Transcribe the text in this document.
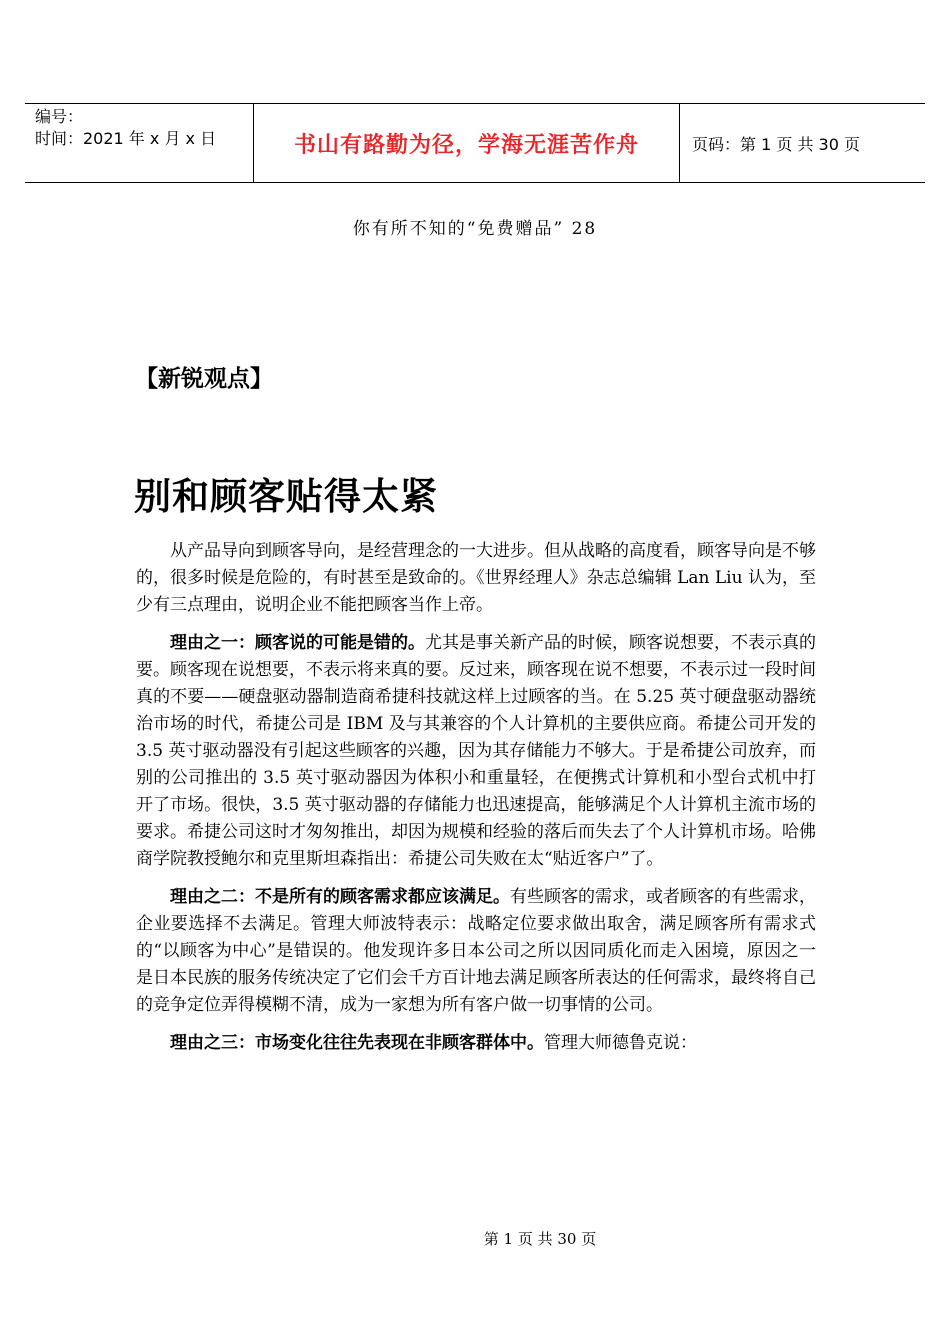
编号：
时间：2021 年 x 月 x 日	书山有路勤为径，学海无涯苦作舟	页码：第 1 页 共 30 页
你有所不知的“免费赠品” 28
【新锐观点】
别和顾客贴得太紧

从产品导向到顾客导向，是经营理念的一大进步。但从战略的高度看，顾客导向是不够的，很多时候是危险的，有时甚至是致命的。《世界经理人》杂志总编辑 Lan Liu 认为，至少有三点理由，说明企业不能把顾客当作上帝。

理由之一：顾客说的可能是错的。尤其是事关新产品的时候，顾客说想要，不表示真的要。顾客现在说想要，不表示将来真的要。反过来，顾客现在说不想要，不表示过一段时间真的不要——硬盘驱动器制造商希捷科技就这样上过顾客的当。在 5.25 英寸硬盘驱动器统治市场的时代，希捷公司是 IBM 及与其兼容的个人计算机的主要供应商。希捷公司开发的 3.5 英寸驱动器没有引起这些顾客的兴趣，因为其存储能力不够大。于是希捷公司放弃，而别的公司推出的 3.5 英寸驱动器因为体积小和重量轻，在便携式计算机和小型台式机中打开了市场。很快，3.5 英寸驱动器的存储能力也迅速提高，能够满足个人计算机主流市场的要求。希捷公司这时才匆匆推出，却因为规模和经验的落后而失去了个人计算机市场。哈佛商学院教授鲍尔和克里斯坦森指出：希捷公司失败在太“贴近客户”了。

理由之二：不是所有的顾客需求都应该满足。有些顾客的需求，或者顾客的有些需求，企业要选择不去满足。管理大师波特表示：战略定位要求做出取舍，满足顾客所有需求式的“以顾客为中心”是错误的。他发现许多日本公司之所以因同质化而走入困境，原因之一是日本民族的服务传统决定了它们会千方百计地去满足顾客所表达的任何需求，最终将自己的竞争定位弄得模糊不清，成为一家想为所有客户做一切事情的公司。

理由之三：市场变化往往先表现在非顾客群体中。管理大师德鲁克说：

第 1 页 共 30 页
